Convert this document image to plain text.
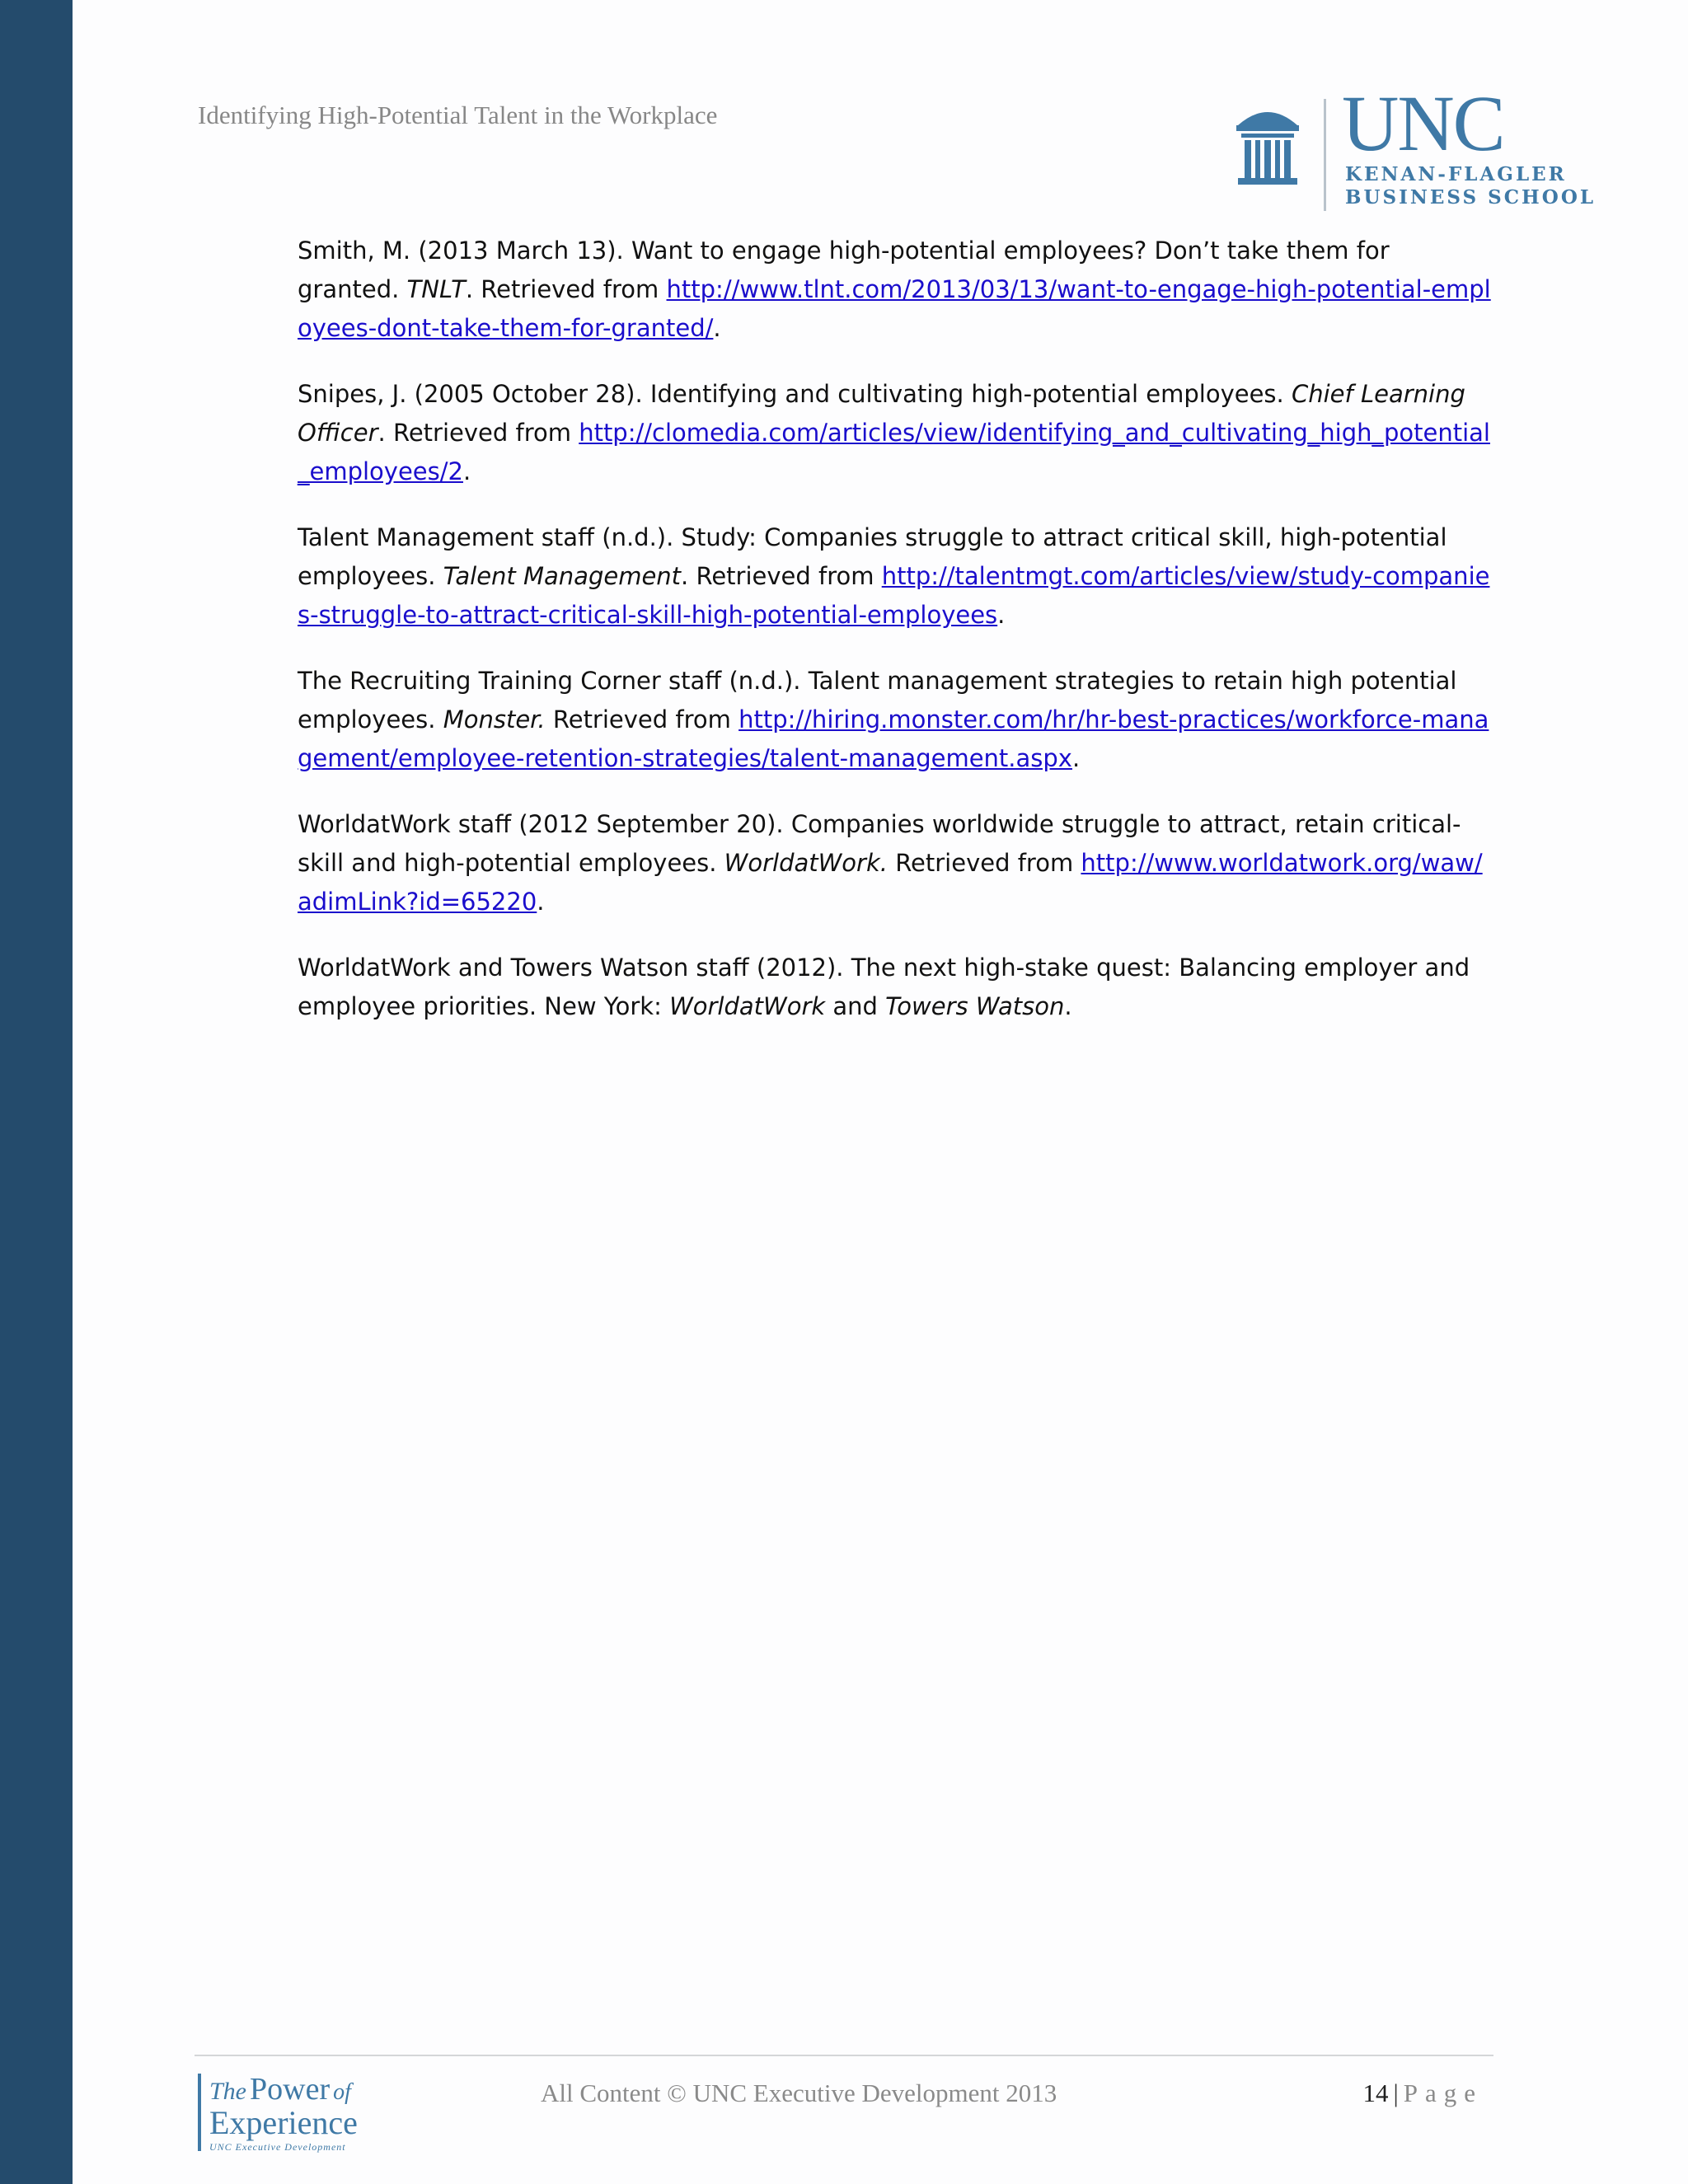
Identifying High-Potential Talent in the Workplace	UNC
KENAN-FLAGLER
BUSINESS SCHOOL

Smith, M. (2013 March 13). Want to engage high-potential employees? Don’t take them for granted. TNLT. Retrieved from http://www.tlnt.com/2013/03/13/want-to-engage-high-potential-employees-dont-take-them-for-granted/.

Snipes, J. (2005 October 28). Identifying and cultivating high-potential employees. Chief Learning Officer. Retrieved from http://clomedia.com/articles/view/identifying_and_cultivating_high_potential_employees/2.

Talent Management staff (n.d.). Study: Companies struggle to attract critical skill, high-potential employees. Talent Management. Retrieved from http://talentmgt.com/articles/view/study-companies-struggle-to-attract-critical-skill-high-potential-employees.

The Recruiting Training Corner staff (n.d.). Talent management strategies to retain high potential employees. Monster. Retrieved from http://hiring.monster.com/hr/hr-best-practices/workforce-management/employee-retention-strategies/talent-management.aspx.

WorldatWork staff (2012 September 20). Companies worldwide struggle to attract, retain critical-skill and high-potential employees. WorldatWork. Retrieved from http://www.worldatwork.org/waw/adimLink?id=65220.

WorldatWork and Towers Watson staff (2012). The next high-stake quest: Balancing employer and employee priorities. New York: WorldatWork and Towers Watson.

The Power of
Experience
UNC Executive Development
All Content © UNC Executive Development 2013	14 | Page
